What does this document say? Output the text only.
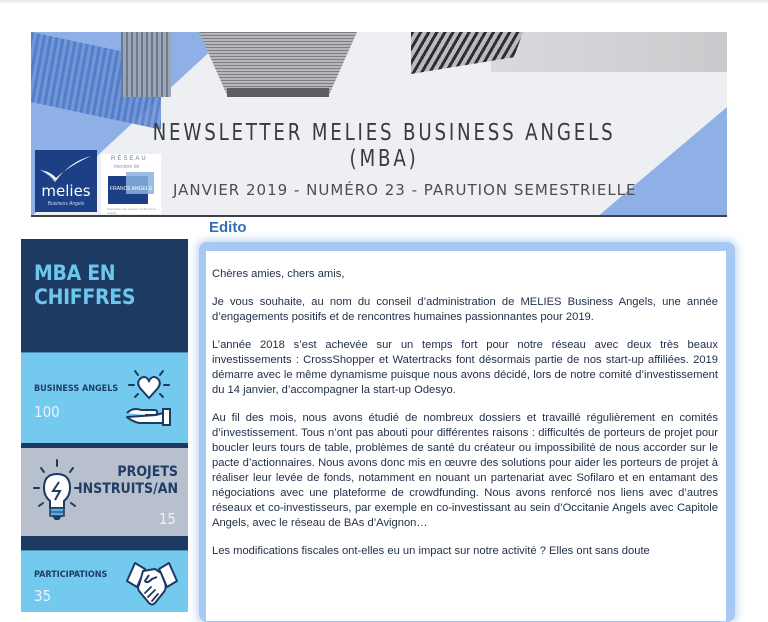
NEWSLETTER MELIES BUSINESS ANGELS
(MBA)

JANVIER 2019 - NUMÉRO 23 - PARUTION SEMESTRIELLE

melies
Business Angels
RÉSEAU
membre de
FRANCE ANGELS
Fédération des réseaux de Business Angels
MBA EN CHIFFRES
BUSINESS ANGELS
100
PROJETS
INSTRUITS/AN
15
PARTICIPATIONS
35
Edito

Chères amies, chers amis,

Je vous souhaite, au nom du conseil d’administration de MELIES Business Angels, une année d’engagements positifs et de rencontres humaines passionnantes pour 2019.

L’année 2018 s’est achevée sur un temps fort pour notre réseau avec deux très beaux investissements : CrossShopper et Watertracks font désormais partie de nos start-up affiliées. 2019 démarre avec le même dynamisme puisque nous avons décidé, lors de notre comité d’investissement du 14 janvier, d’accompagner la start-up Odesyo.

Au fil des mois, nous avons étudié de nombreux dossiers et travaillé régulièrement en comités d’investissement. Tous n’ont pas abouti pour différentes raisons : difficultés de porteurs de projet pour boucler leurs tours de table, problèmes de santé du créateur ou impossibilité de nous accorder sur le pacte d’actionnaires. Nous avons donc mis en œuvre des solutions pour aider les porteurs de projet à réaliser leur levée de fonds, notamment en nouant un partenariat avec Sofilaro et en entamant des négociations avec une plateforme de crowdfunding. Nous avons renforcé nos liens avec d’autres réseaux et co-investisseurs, par exemple en co-investissant au sein d’Occitanie Angels avec Capitole Angels, avec le réseau de BAs d’Avignon…

Les modifications fiscales ont-elles eu un impact sur notre activité ? Elles ont sans doute
